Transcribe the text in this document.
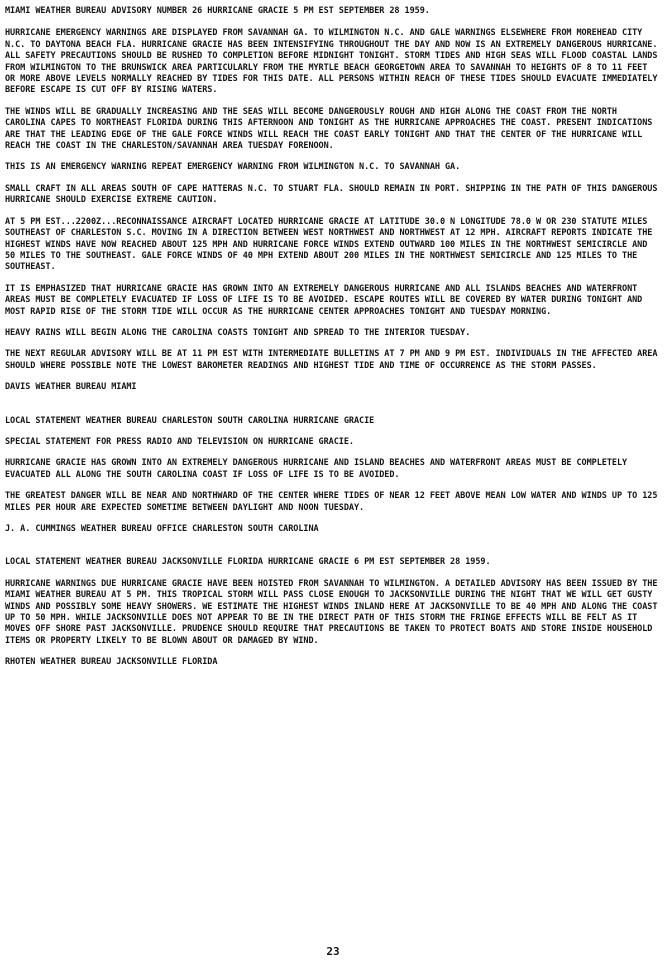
MIAMI WEATHER BUREAU ADVISORY NUMBER 26 HURRICANE GRACIE 5 PM EST SEPTEMBER 28 1959.

HURRICANE EMERGENCY WARNINGS ARE DISPLAYED FROM SAVANNAH GA. TO WILMINGTON N.C. AND GALE WARNINGS ELSEWHERE FROM MOREHEAD CITY N.C. TO DAYTONA BEACH FLA. HURRICANE GRACIE HAS BEEN INTENSIFYING THROUGHOUT THE DAY AND NOW IS AN EXTREMELY DANGEROUS HURRICANE. ALL SAFETY PRECAUTIONS SHOULD BE RUSHED TO COMPLETION BEFORE MIDNIGHT TONIGHT. STORM TIDES AND HIGH SEAS WILL FLOOD COASTAL LANDS FROM WILMINGTON TO THE BRUNSWICK AREA PARTICULARLY FROM THE MYRTLE BEACH GEORGETOWN AREA TO SAVANNAH TO HEIGHTS OF 8 TO 11 FEET OR MORE ABOVE LEVELS NORMALLY REACHED BY TIDES FOR THIS DATE. ALL PERSONS WITHIN REACH OF THESE TIDES SHOULD EVACUATE IMMEDIATELY BEFORE ESCAPE IS CUT OFF BY RISING WATERS.

THE WINDS WILL BE GRADUALLY INCREASING AND THE SEAS WILL BECOME DANGEROUSLY ROUGH AND HIGH ALONG THE COAST FROM THE NORTH CAROLINA CAPES TO NORTHEAST FLORIDA DURING THIS AFTERNOON AND TONIGHT AS THE HURRICANE APPROACHES THE COAST. PRESENT INDICATIONS ARE THAT THE LEADING EDGE OF THE GALE FORCE WINDS WILL REACH THE COAST EARLY TONIGHT AND THAT THE CENTER OF THE HURRICANE WILL REACH THE COAST IN THE CHARLESTON/SAVANNAH AREA TUESDAY FORENOON.

THIS IS AN EMERGENCY WARNING REPEAT EMERGENCY WARNING FROM WILMINGTON N.C. TO SAVANNAH GA.

SMALL CRAFT IN ALL AREAS SOUTH OF CAPE HATTERAS N.C. TO STUART FLA. SHOULD REMAIN IN PORT. SHIPPING IN THE PATH OF THIS DANGEROUS HURRICANE SHOULD EXERCISE EXTREME CAUTION.

AT 5 PM EST...2200Z...RECONNAISSANCE AIRCRAFT LOCATED HURRICANE GRACIE AT LATITUDE 30.0 N LONGITUDE 78.0 W OR 230 STATUTE MILES SOUTHEAST OF CHARLESTON S.C. MOVING IN A DIRECTION BETWEEN WEST NORTHWEST AND NORTHWEST AT 12 MPH. AIRCRAFT REPORTS INDICATE THE HIGHEST WINDS HAVE NOW REACHED ABOUT 125 MPH AND HURRICANE FORCE WINDS EXTEND OUTWARD 100 MILES IN THE NORTHWEST SEMICIRCLE AND 50 MILES TO THE SOUTHEAST. GALE FORCE WINDS OF 40 MPH EXTEND ABOUT 200 MILES IN THE NORTHWEST SEMICIRCLE AND 125 MILES TO THE SOUTHEAST.

IT IS EMPHASIZED THAT HURRICANE GRACIE HAS GROWN INTO AN EXTREMELY DANGEROUS HURRICANE AND ALL ISLANDS BEACHES AND WATERFRONT AREAS MUST BE COMPLETELY EVACUATED IF LOSS OF LIFE IS TO BE AVOIDED. ESCAPE ROUTES WILL BE COVERED BY WATER DURING TONIGHT AND MOST RAPID RISE OF THE STORM TIDE WILL OCCUR AS THE HURRICANE CENTER APPROACHES TONIGHT AND TUESDAY MORNING.

HEAVY RAINS WILL BEGIN ALONG THE CAROLINA COASTS TONIGHT AND SPREAD TO THE INTERIOR TUESDAY.

THE NEXT REGULAR ADVISORY WILL BE AT 11 PM EST WITH INTERMEDIATE BULLETINS AT 7 PM AND 9 PM EST. INDIVIDUALS IN THE AFFECTED AREA SHOULD WHERE POSSIBLE NOTE THE LOWEST BAROMETER READINGS AND HIGHEST TIDE AND TIME OF OCCURRENCE AS THE STORM PASSES.

DAVIS WEATHER BUREAU MIAMI

LOCAL STATEMENT WEATHER BUREAU CHARLESTON SOUTH CAROLINA HURRICANE GRACIE

SPECIAL STATEMENT FOR PRESS RADIO AND TELEVISION ON HURRICANE GRACIE.

HURRICANE GRACIE HAS GROWN INTO AN EXTREMELY DANGEROUS HURRICANE AND ISLAND BEACHES AND WATERFRONT AREAS MUST BE COMPLETELY EVACUATED ALL ALONG THE SOUTH CAROLINA COAST IF LOSS OF LIFE IS TO BE AVOIDED.

THE GREATEST DANGER WILL BE NEAR AND NORTHWARD OF THE CENTER WHERE TIDES OF NEAR 12 FEET ABOVE MEAN LOW WATER AND WINDS UP TO 125 MILES PER HOUR ARE EXPECTED SOMETIME BETWEEN DAYLIGHT AND NOON TUESDAY.

J. A. CUMMINGS WEATHER BUREAU OFFICE CHARLESTON SOUTH CAROLINA

LOCAL STATEMENT WEATHER BUREAU JACKSONVILLE FLORIDA HURRICANE GRACIE 6 PM EST SEPTEMBER 28 1959.

HURRICANE WARNINGS DUE HURRICANE GRACIE HAVE BEEN HOISTED FROM SAVANNAH TO WILMINGTON. A DETAILED ADVISORY HAS BEEN ISSUED BY THE MIAMI WEATHER BUREAU AT 5 PM. THIS TROPICAL STORM WILL PASS CLOSE ENOUGH TO JACKSONVILLE DURING THE NIGHT THAT WE WILL GET GUSTY WINDS AND POSSIBLY SOME HEAVY SHOWERS. WE ESTIMATE THE HIGHEST WINDS INLAND HERE AT JACKSONVILLE TO BE 40 MPH AND ALONG THE COAST UP TO 50 MPH. WHILE JACKSONVILLE DOES NOT APPEAR TO BE IN THE DIRECT PATH OF THIS STORM THE FRINGE EFFECTS WILL BE FELT AS IT MOVES OFF SHORE PAST JACKSONVILLE. PRUDENCE SHOULD REQUIRE THAT PRECAUTIONS BE TAKEN TO PROTECT BOATS AND STORE INSIDE HOUSEHOLD ITEMS OR PROPERTY LIKELY TO BE BLOWN ABOUT OR DAMAGED BY WIND.

RHOTEN WEATHER BUREAU JACKSONVILLE FLORIDA

23
